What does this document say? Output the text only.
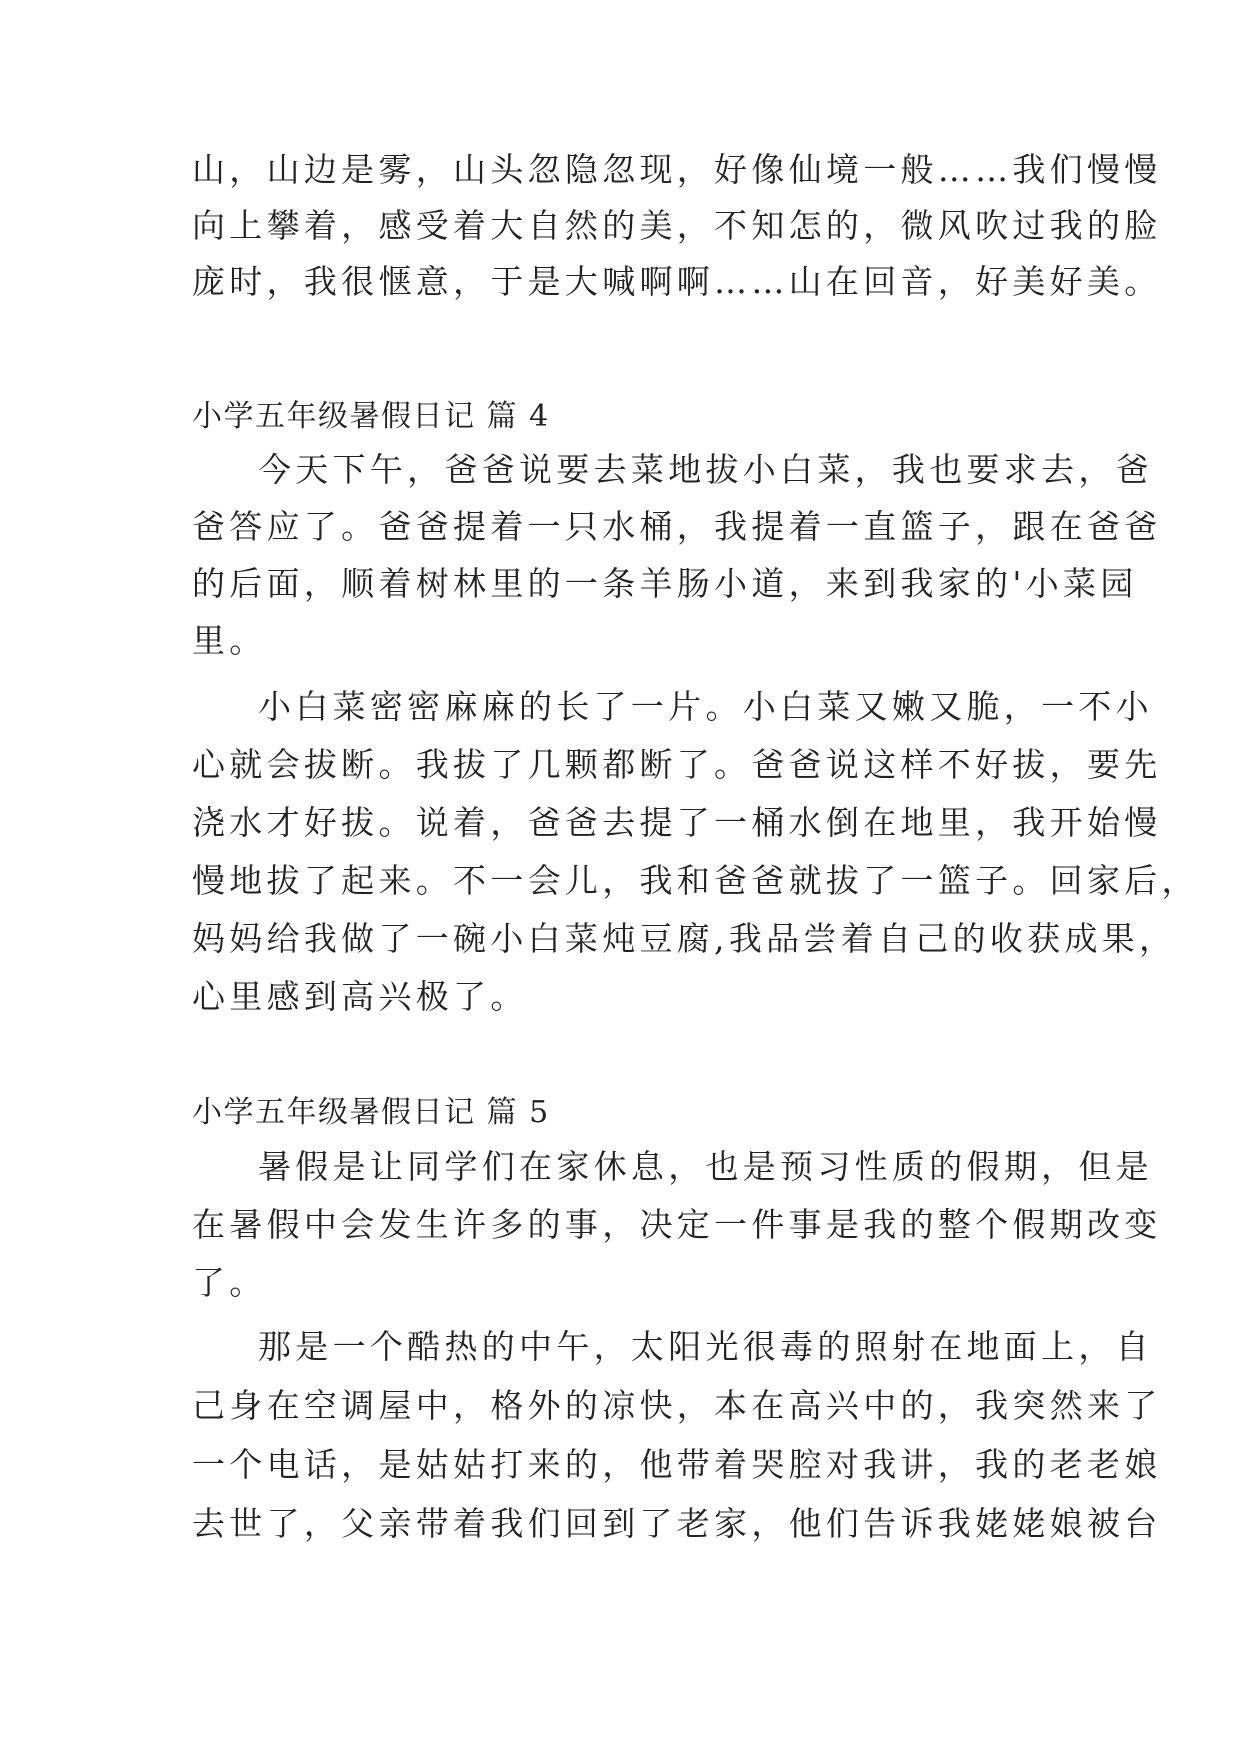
山，山边是雾，山头忽隐忽现，好像仙境一般……我们慢慢
向上攀着，感受着大自然的美，不知怎的，微风吹过我的脸
庞时，我很惬意，于是大喊啊啊……山在回音，好美好美。
小学五年级暑假日记 篇 4
今天下午，爸爸说要去菜地拔小白菜，我也要求去，爸
爸答应了。爸爸提着一只水桶，我提着一直篮子，跟在爸爸
的后面，顺着树林里的一条羊肠小道，来到我家的'小菜园
里。
小白菜密密麻麻的长了一片。小白菜又嫩又脆，一不小
心就会拔断。我拔了几颗都断了。爸爸说这样不好拔，要先
浇水才好拔。说着，爸爸去提了一桶水倒在地里，我开始慢
慢地拔了起来。不一会儿，我和爸爸就拔了一篮子。回家后，
妈妈给我做了一碗小白菜炖豆腐,我品尝着自己的收获成果，
心里感到高兴极了。
小学五年级暑假日记 篇 5
暑假是让同学们在家休息，也是预习性质的假期，但是
在暑假中会发生许多的事，决定一件事是我的整个假期改变
了。
那是一个酷热的中午，太阳光很毒的照射在地面上，自
己身在空调屋中，格外的凉快，本在高兴中的，我突然来了
一个电话，是姑姑打来的，他带着哭腔对我讲，我的老老娘
去世了，父亲带着我们回到了老家，他们告诉我姥姥娘被台
